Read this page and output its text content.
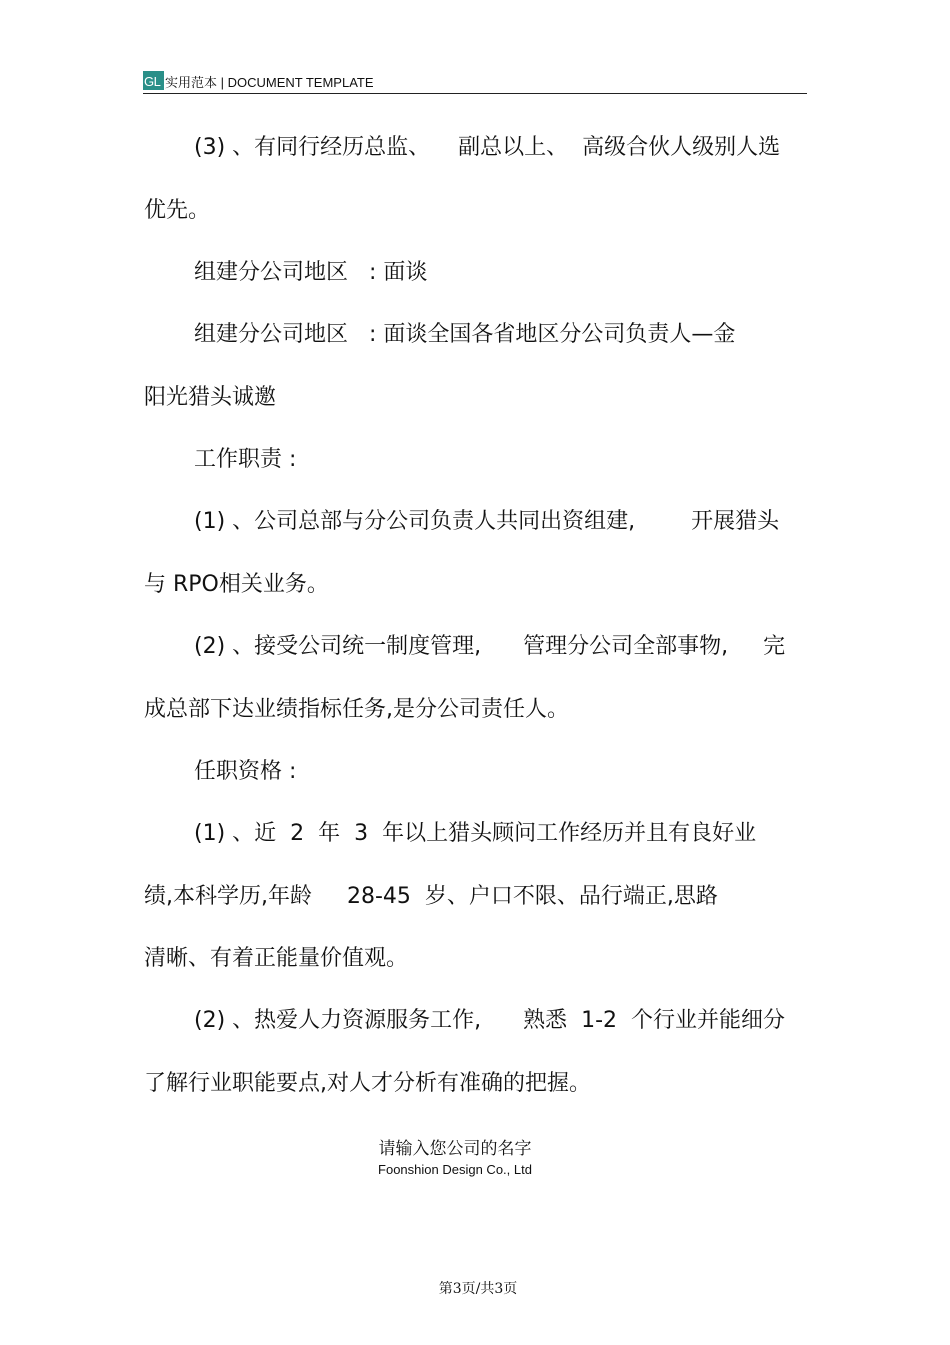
GL 实用范本 | DOCUMENT TEMPLATE
(3) 、有同行经历总监、    副总以上、  高级合伙人级别人选
优先。
组建分公司地区   : 面谈
组建分公司地区   : 面谈全国各省地区分公司负责人—金
阳光猎头诚邀
工作职责 :
(1) 、公司总部与分公司负责人共同出资组建,        开展猎头
与 RPO相关业务。
(2) 、接受公司统一制度管理,      管理分公司全部事物,     完
成总部下达业绩指标任务,是分公司责任人。
任职资格 :
(1) 、近  2  年  3  年以上猎头顾问工作经历并且有良好业
绩,本科学历,年龄     28-45  岁、户口不限、品行端正,思路
清晰、有着正能量价值观。
(2) 、热爱人力资源服务工作,      熟悉  1-2  个行业并能细分
了解行业职能要点,对人才分析有准确的把握。
请输入您公司的名字
Foonshion Design Co., Ltd
第3页/共3页
